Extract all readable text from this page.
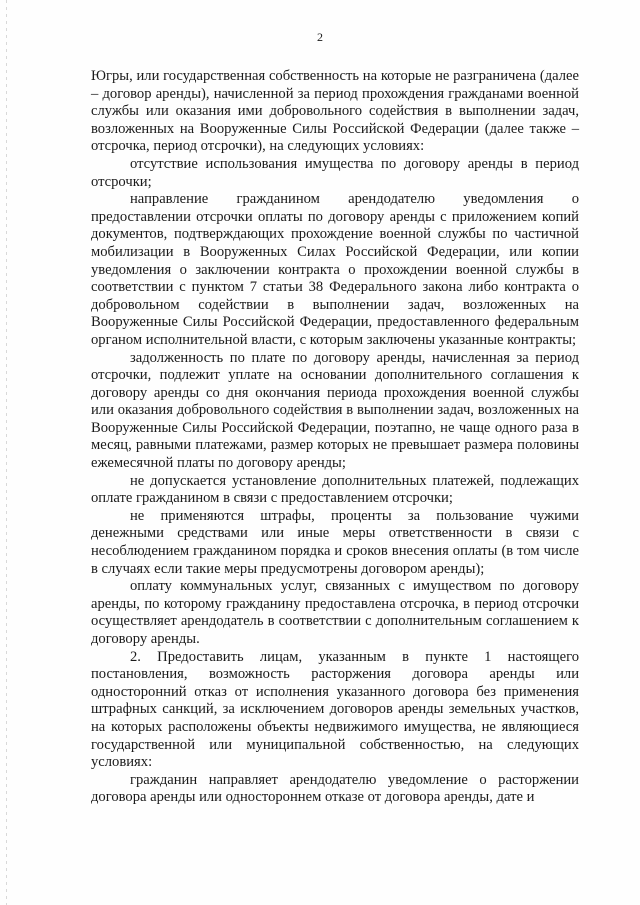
2

Югры, или государственная собственность на которые не разграничена (далее – договор аренды), начисленной за период прохождения гражданами военной службы или оказания ими добровольного содействия в выполнении задач, возложенных на Вооруженные Силы Российской Федерации (далее также – отсрочка, период отсрочки), на следующих условиях:

отсутствие использования имущества по договору аренды в период отсрочки;

направление гражданином арендодателю уведомления о предоставлении отсрочки оплаты по договору аренды с приложением копий документов, подтверждающих прохождение военной службы по частичной мобилизации в Вооруженных Силах Российской Федерации, или копии уведомления о заключении контракта о прохождении военной службы в соответствии с пунктом 7 статьи 38 Федерального закона либо контракта о добровольном содействии в выполнении задач, возложенных на Вооруженные Силы Российской Федерации, предоставленного федеральным органом исполнительной власти, с которым заключены указанные контракты;

задолженность по плате по договору аренды, начисленная за период отсрочки, подлежит уплате на основании дополнительного соглашения к договору аренды со дня окончания периода прохождения военной службы или оказания добровольного содействия в выполнении задач, возложенных на Вооруженные Силы Российской Федерации, поэтапно, не чаще одного раза в месяц, равными платежами, размер которых не превышает размера половины ежемесячной платы по договору аренды;

не допускается установление дополнительных платежей, подлежащих оплате гражданином в связи с предоставлением отсрочки;

не применяются штрафы, проценты за пользование чужими денежными средствами или иные меры ответственности в связи с несоблюдением гражданином порядка и сроков внесения оплаты (в том числе в случаях если такие меры предусмотрены договором аренды);

оплату коммунальных услуг, связанных с имуществом по договору аренды, по которому гражданину предоставлена отсрочка, в период отсрочки осуществляет арендодатель в соответствии с дополнительным соглашением к договору аренды.

2. Предоставить лицам, указанным в пункте 1 настоящего постановления, возможность расторжения договора аренды или односторонний отказ от исполнения указанного договора без применения штрафных санкций, за исключением договоров аренды земельных участков, на которых расположены объекты недвижимого имущества, не являющиеся государственной или муниципальной собственностью, на следующих условиях:

гражданин направляет арендодателю уведомление о расторжении договора аренды или одностороннем отказе от договора аренды, дате и
